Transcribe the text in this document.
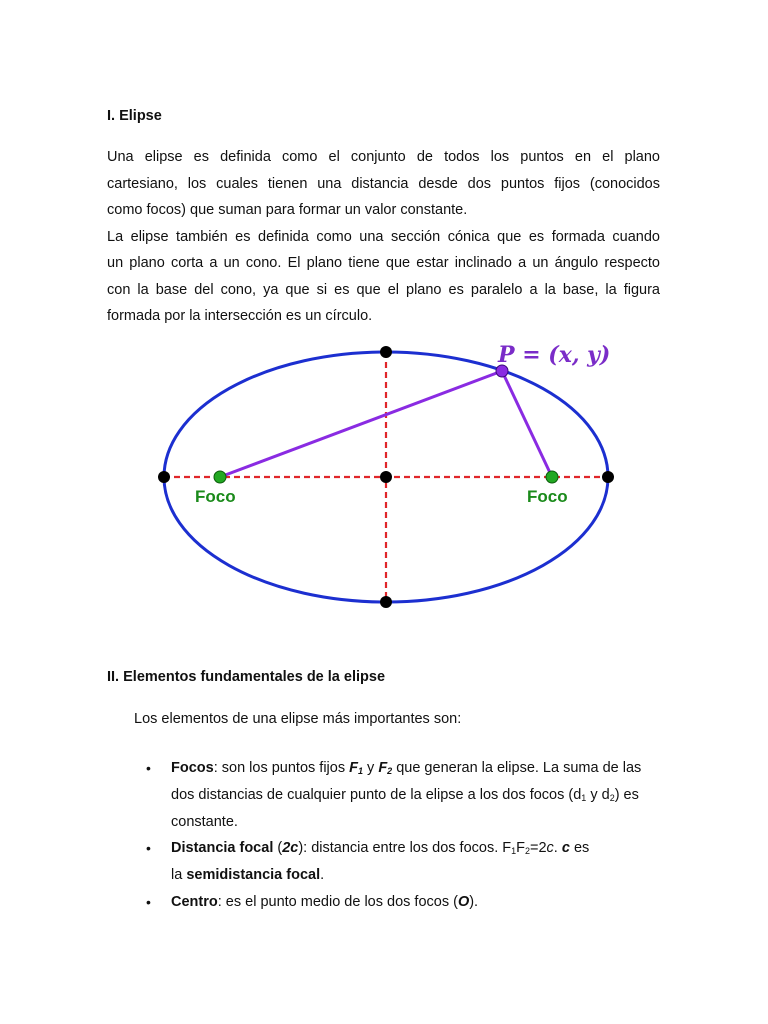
I. Elipse

Una elipse es definida como el conjunto de todos los puntos en el plano
cartesiano, los cuales tienen una distancia desde dos puntos fijos (conocidos
como focos) que suman para formar un valor constante.
La elipse también es definida como una sección cónica que es formada cuando
un plano corta a un cono. El plano tiene que estar inclinado a un ángulo respecto
con la base del cono, ya que si es que el plano es paralelo a la base, la figura
formada por la intersección es un círculo.

P = (x, y)
Foco	Foco
II. Elementos fundamentales de la elipse

Los elementos de una elipse más importantes son:

• Focos: son los puntos fijos $F_1$ y $F_2$ que generan la elipse. La suma de las
dos distancias de cualquier punto de la elipse a los dos focos ($d_1$ y $d_2$) es
constante.
• Distancia focal (2c): distancia entre los dos focos. $F_1F_2=2c$. c es
la semidistancia focal.
• Centro: es el punto medio de los dos focos (O).
